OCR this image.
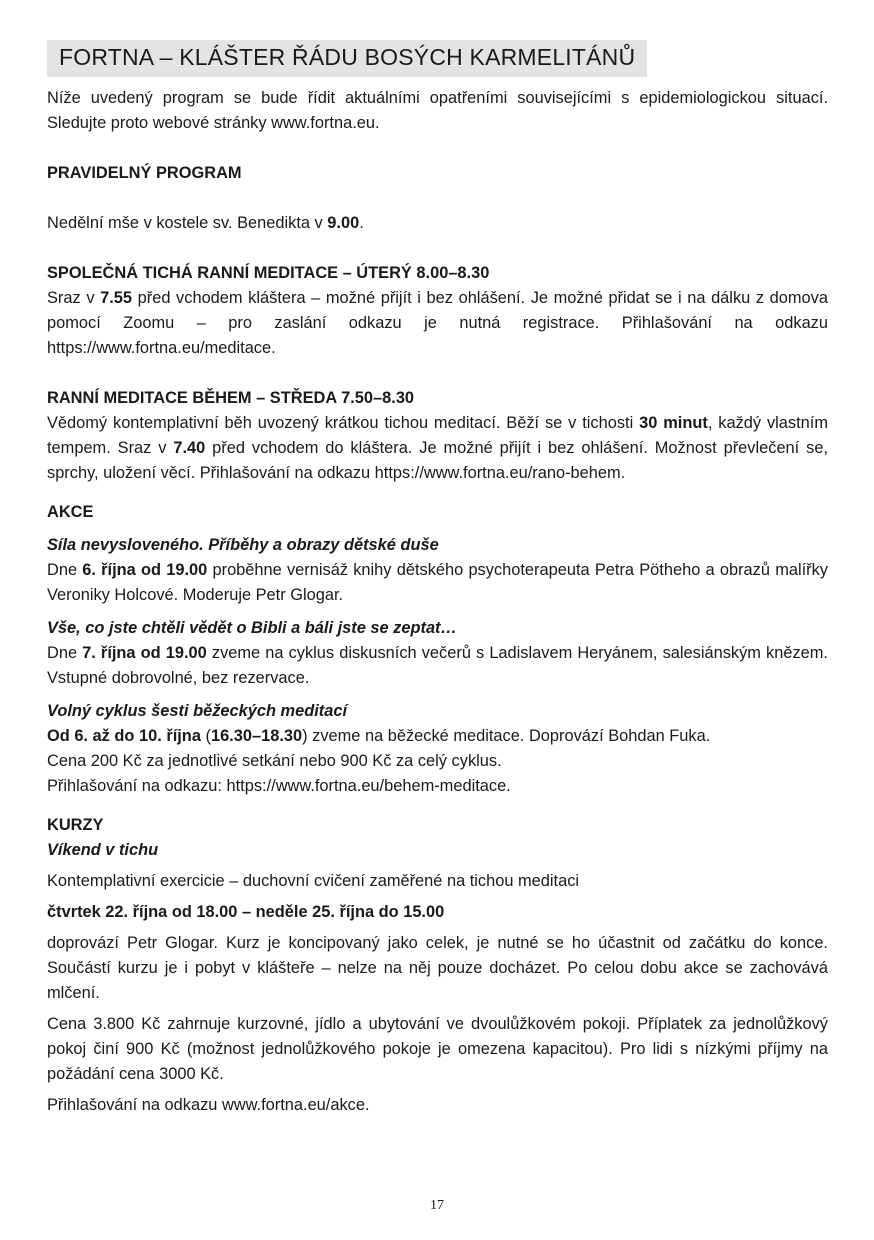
FORTNA – KLÁŠTER ŘÁDU BOSÝCH KARMELITÁNŮ

Níže uvedený program se bude řídit aktuálními opatřeními souvisejícími s epidemiologickou situací. Sledujte proto webové stránky www.fortna.eu.

PRAVIDELNÝ PROGRAM

Nedělní mše v kostele sv. Benedikta v 9.00.

SPOLEČNÁ TICHÁ RANNÍ MEDITACE – ÚTERÝ 8.00–8.30

Sraz v 7.55 před vchodem kláštera – možné přijít i bez ohlášení. Je možné přidat se i na dálku z domova pomocí Zoomu – pro zaslání odkazu je nutná registrace. Přihlašování na odkazu https://www.fortna.eu/meditace.

RANNÍ MEDITACE BĚHEM – STŘEDA 7.50–8.30

Vědomý kontemplativní běh uvozený krátkou tichou meditací. Běží se v tichosti 30 minut, každý vlastním tempem. Sraz v 7.40 před vchodem do kláštera. Je možné přijít i bez ohlášení. Možnost převlečení se, sprchy, uložení věcí. Přihlašování na odkazu https://www.fortna.eu/rano-behem.

AKCE
Síla nevysloveného. Příběhy a obrazy dětské duše

Dne 6. října od 19.00 proběhne vernisáž knihy dětského psychoterapeuta Petra Pötheho a obrazů malířky Veroniky Holcové. Moderuje Petr Glogar.

Vše, co jste chtěli vědět o Bibli a báli jste se zeptat…

Dne 7. října od 19.00 zveme na cyklus diskusních večerů s Ladislavem Heryánem, salesiánským knězem. Vstupné dobrovolné, bez rezervace.

Volný cyklus šesti běžeckých meditací

Od 6. až do 10. října (16.30–18.30) zveme na běžecké meditace. Doprovází Bohdan Fuka.

Cena 200 Kč za jednotlivé setkání nebo 900 Kč za celý cyklus.

Přihlašování na odkazu: https://www.fortna.eu/behem-meditace.

KURZY
Víkend v tichu

Kontemplativní exercicie – duchovní cvičení zaměřené na tichou meditaci

čtvrtek 22. října od 18.00 – neděle 25. října do 15.00

doprovází Petr Glogar. Kurz je koncipovaný jako celek, je nutné se ho účastnit od začátku do konce. Součástí kurzu je i pobyt v klášteře – nelze na něj pouze docházet. Po celou dobu akce se zachovává mlčení.

Cena 3.800 Kč zahrnuje kurzovné, jídlo a ubytování ve dvoulůžkovém pokoji. Příplatek za jednolůžkový pokoj činí 900 Kč (možnost jednolůžkového pokoje je omezena kapacitou). Pro lidi s nízkými příjmy na požádání cena 3000 Kč.

Přihlašování na odkazu www.fortna.eu/akce.

17
